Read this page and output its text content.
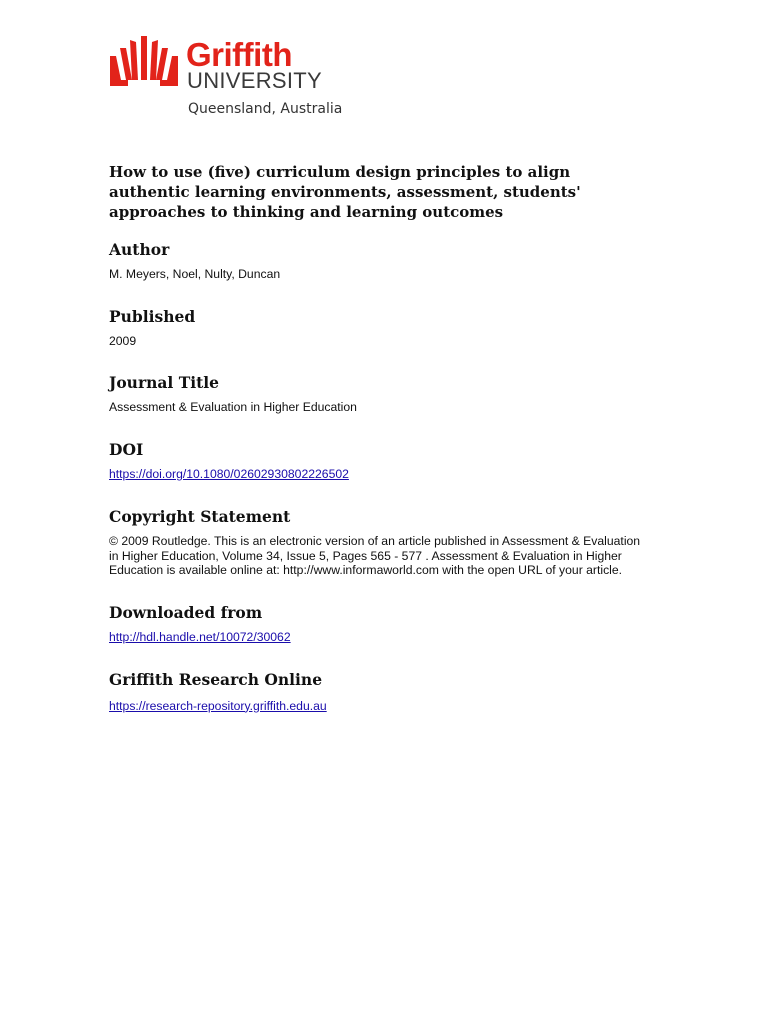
Griffith
UNIVERSITY
Queensland, Australia
How to use (five) curriculum design principles to align authentic learning environments, assessment, students' approaches to thinking and learning outcomes
Author

M. Meyers, Noel, Nulty, Duncan

Published

2009

Journal Title

Assessment & Evaluation in Higher Education

DOI

https://doi.org/10.1080/02602930802226502

Copyright Statement

© 2009 Routledge. This is an electronic version of an article published in Assessment & Evaluation in Higher Education, Volume 34, Issue 5, Pages 565 - 577 . Assessment & Evaluation in Higher Education is available online at: http://www.informaworld.com with the open URL of your article.

Downloaded from

http://hdl.handle.net/10072/30062

Griffith Research Online

https://research-repository.griffith.edu.au
